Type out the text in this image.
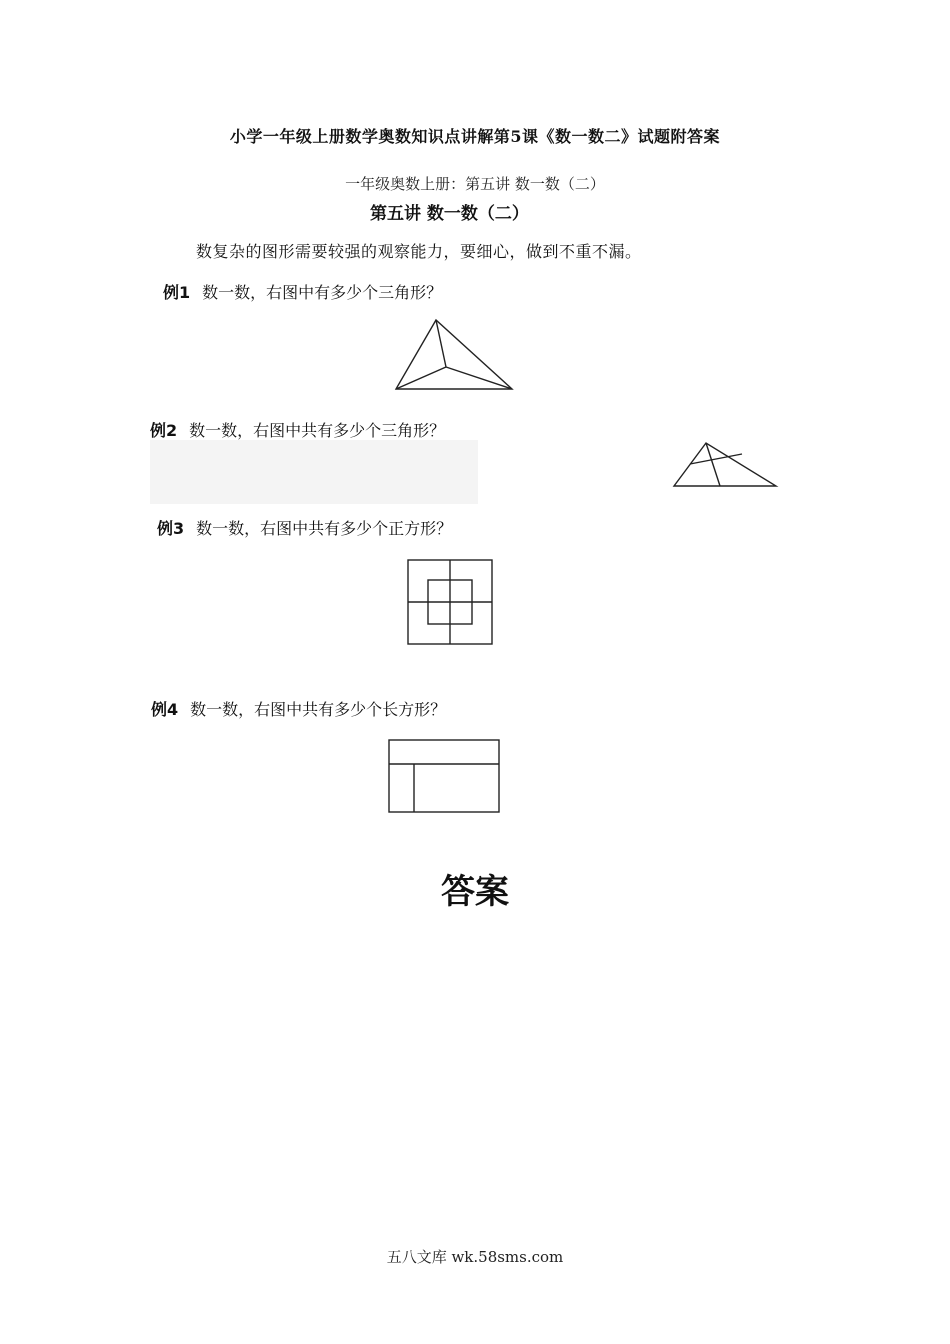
小学一年级上册数学奥数知识点讲解第5课《数一数二》试题附答案
一年级奥数上册：第五讲 数一数（二）
第五讲 数一数（二）
数复杂的图形需要较强的观察能力，要细心，做到不重不漏。
例1 数一数，右图中有多少个三角形？
例2 数一数，右图中共有多少个三角形？
例3 数一数，右图中共有多少个正方形？
例4 数一数，右图中共有多少个长方形？
答案
五八文库 wk.58sms.com
